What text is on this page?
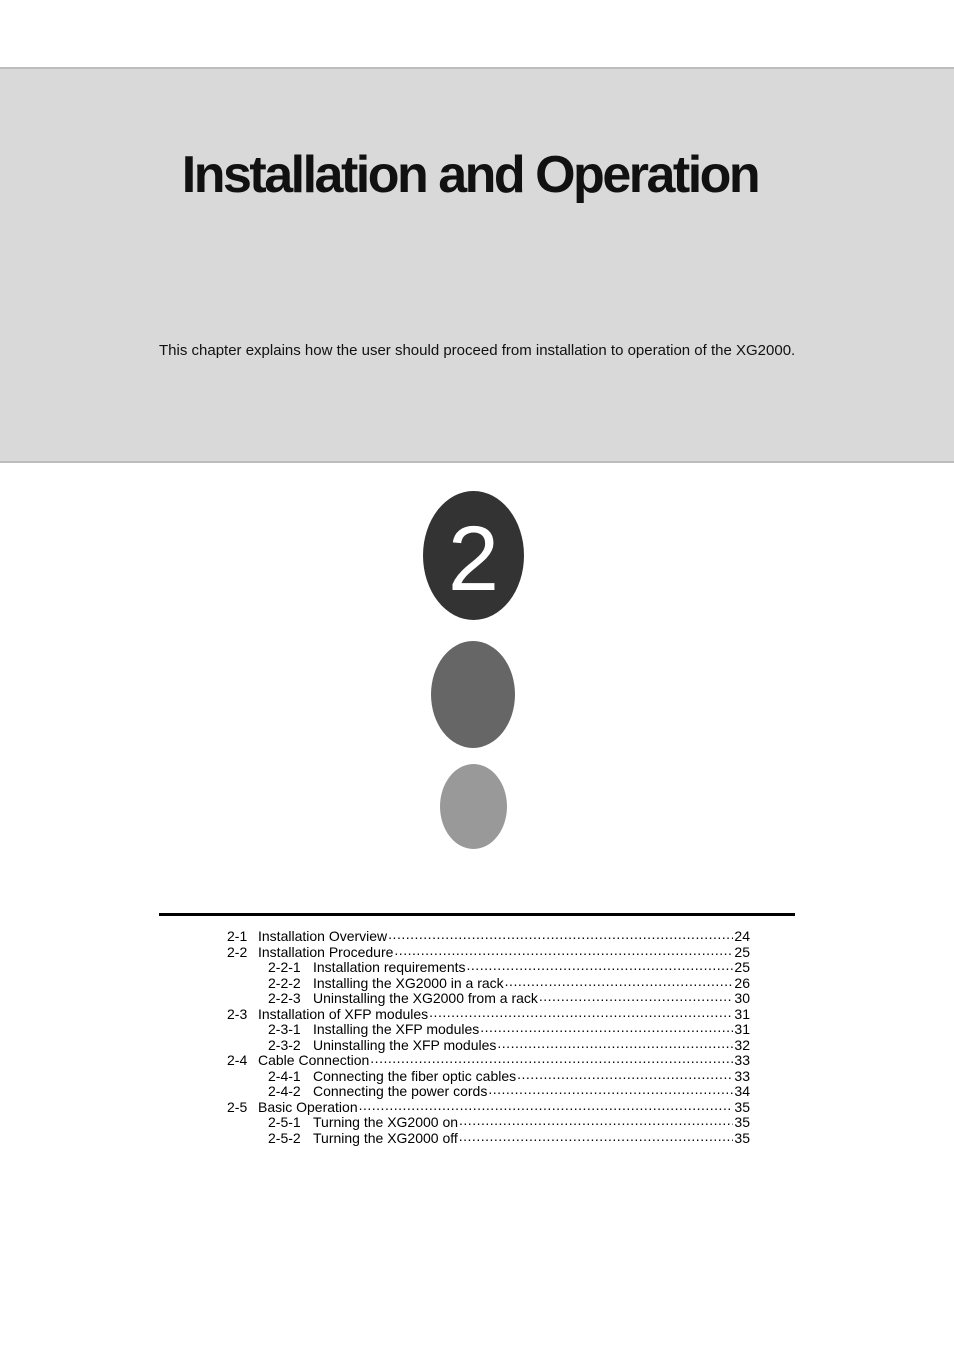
Installation and Operation

This chapter explains how the user should proceed from installation to operation of the XG2000.

2
2-1 Installation Overview .....	24
2-2 Installation Procedure .....	25
2-2-1 Installation requirements .....	25
2-2-2 Installing the XG2000 in a rack .....	26
2-2-3 Uninstalling the XG2000 from a rack .....	30
2-3 Installation of XFP modules .....	31
2-3-1 Installing the XFP modules .....	31
2-3-2 Uninstalling the XFP modules .....	32
2-4 Cable Connection .....	33
2-4-1 Connecting the fiber optic cables .....	33
2-4-2 Connecting the power cords .....	34
2-5 Basic Operation .....	35
2-5-1 Turning the XG2000 on .....	35
2-5-2 Turning the XG2000 off .....	35
